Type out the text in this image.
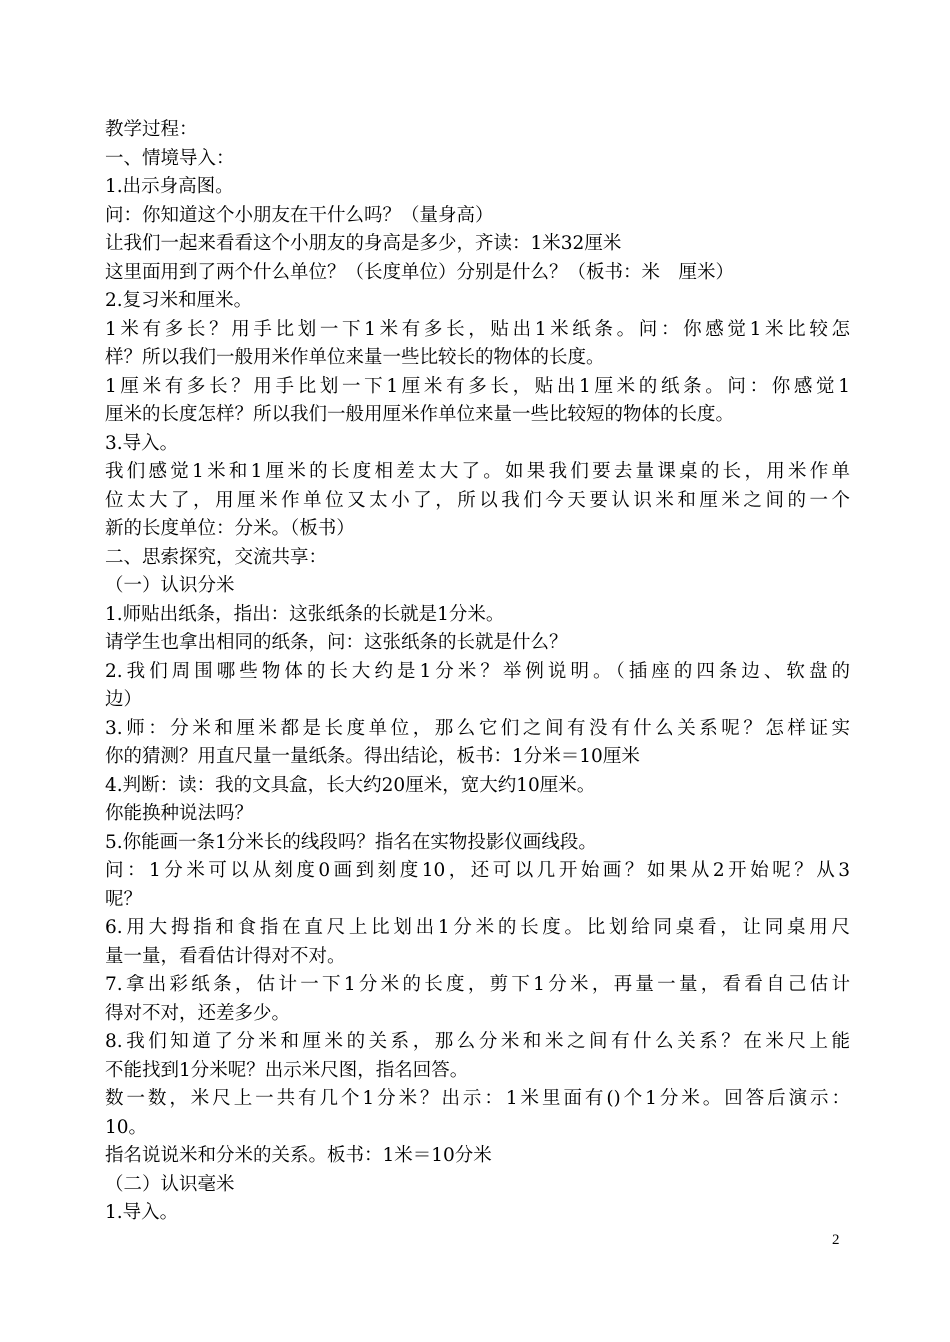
教学过程：
一、情境导入：
1.出示身高图。
问：你知道这个小朋友在干什么吗？（量身高）
让我们一起来看看这个小朋友的身高是多少，齐读：1米32厘米
这里面用到了两个什么单位？（长度单位）分别是什么？（板书：米　厘米）
2.复习米和厘米。
1米有多长？用手比划一下1米有多长，贴出1米纸条。问：你感觉1米比较怎
样？所以我们一般用米作单位来量一些比较长的物体的长度。
1厘米有多长？用手比划一下1厘米有多长，贴出1厘米的纸条。问：你感觉1
厘米的长度怎样？所以我们一般用厘米作单位来量一些比较短的物体的长度。
3.导入。
我们感觉1米和1厘米的长度相差太大了。如果我们要去量课桌的长，用米作单
位太大了，用厘米作单位又太小了，所以我们今天要认识米和厘米之间的一个
新的长度单位：分米。（板书）
二、思索探究，交流共享：
（一）认识分米
1.师贴出纸条，指出：这张纸条的长就是1分米。
请学生也拿出相同的纸条，问：这张纸条的长就是什么？
2.我们周围哪些物体的长大约是1分米？举例说明。（插座的四条边、软盘的
边）
3.师：分米和厘米都是长度单位，那么它们之间有没有什么关系呢？怎样证实
你的猜测？用直尺量一量纸条。得出结论，板书：1分米＝10厘米
4.判断：读：我的文具盒，长大约20厘米，宽大约10厘米。
你能换种说法吗？
5.你能画一条1分米长的线段吗？指名在实物投影仪画线段。
问：1分米可以从刻度0画到刻度10，还可以几开始画？如果从2开始呢？从3
呢？
6.用大拇指和食指在直尺上比划出1分米的长度。比划给同桌看，让同桌用尺
量一量，看看估计得对不对。
7.拿出彩纸条，估计一下1分米的长度，剪下1分米，再量一量，看看自己估计
得对不对，还差多少。
8.我们知道了分米和厘米的关系，那么分米和米之间有什么关系？在米尺上能
不能找到1分米呢？出示米尺图，指名回答。
数一数，米尺上一共有几个1分米？出示：1米里面有()个1分米。回答后演示：
10。
指名说说米和分米的关系。板书：1米＝10分米
（二）认识毫米
1.导入。
2
